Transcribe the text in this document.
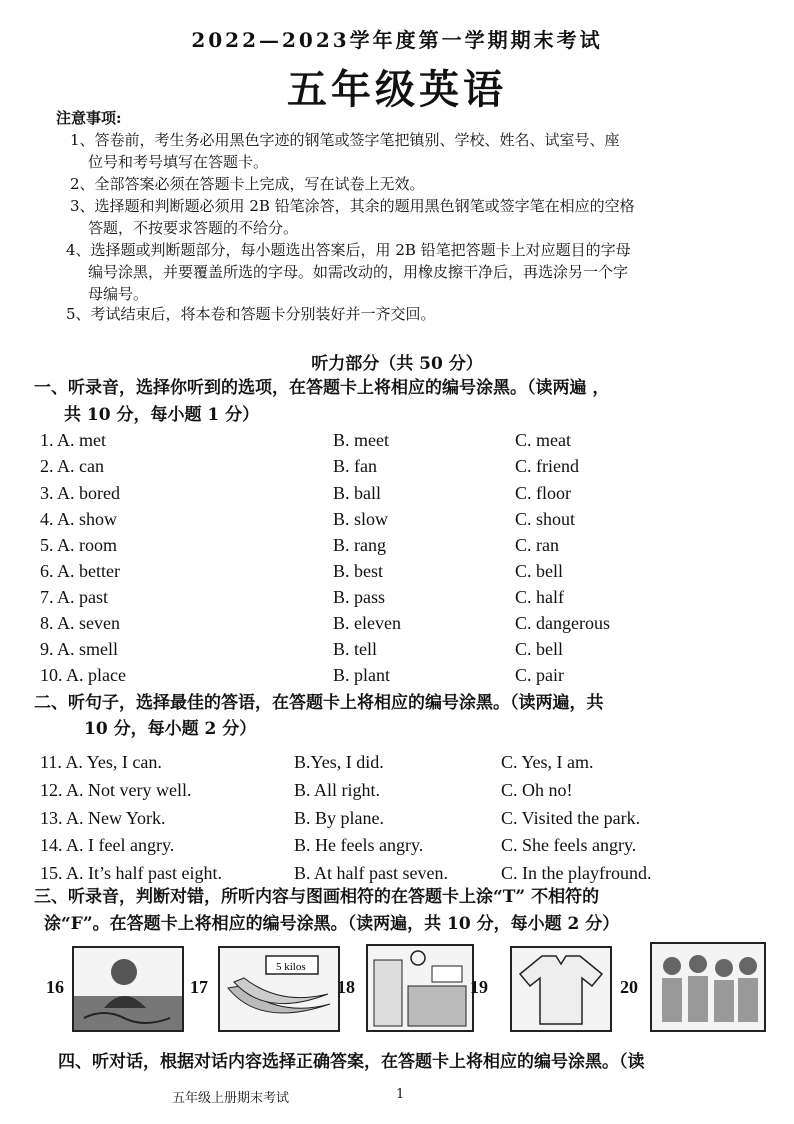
2022—2023学年度第一学期期末考试
五年级英语
注意事项:
1、答卷前，考生务必用黑色字迹的钢笔或签字笔把镇别、学校、姓名、试室号、座
位号和考号填写在答题卡。
2、全部答案必须在答题卡上完成，写在试卷上无效。
3、选择题和判断题必须用 2B 铅笔涂答，其余的题用黑色钢笔或签字笔在相应的空格
答题，不按要求答题的不给分。
4、选择题或判断题部分，每小题选出答案后，用 2B 铅笔把答题卡上对应题目的字母
编号涂黑，并要覆盖所选的字母。如需改动的，用橡皮擦干净后，再选涂另一个字
母编号。
5、考试结束后，将本卷和答题卡分别装好并一齐交回。
听力部分（共 50 分）
一、听录音，选择你听到的选项，在答题卡上将相应的编号涂黑。（读两遍 ，
共 10 分，每小题 1 分）
1. A. met	B. meet	C. meat
2. A. can	B. fan	C. friend
3. A. bored	B. ball	C. floor
4. A. show	B. slow	C. shout
5. A. room	B. rang	C. ran
6. A. better	B. best	C. bell
7. A. past	B. pass	C. half
8. A. seven	B. eleven	C. dangerous
9. A. smell	B. tell	C. bell
10. A. place	B. plant	C. pair
二、听句子，选择最佳的答语，在答题卡上将相应的编号涂黑。（读两遍，共
10 分，每小题 2 分）
11. A. Yes, I can.	B.Yes, I did.	C. Yes, I am.
12. A. Not very well.	B. All right.	C. Oh no!
13. A. New York.	B. By plane.	C. Visited the park.
14. A. I feel angry.	B. He feels angry.	C. She feels angry.
15. A. It’s half past eight.	B. At half past seven.	C. In the playfround.
三、听录音，判断对错，所听内容与图画相符的在答题卡上涂“T” 不相符的
涂“F”。在答题卡上将相应的编号涂黑。（读两遍，共 10 分，每小题 2 分）
16	17
5 kilos
18	19	20
四、听对话，根据对话内容选择正确答案，在答题卡上将相应的编号涂黑。（读
五年级上册期末考试	1
